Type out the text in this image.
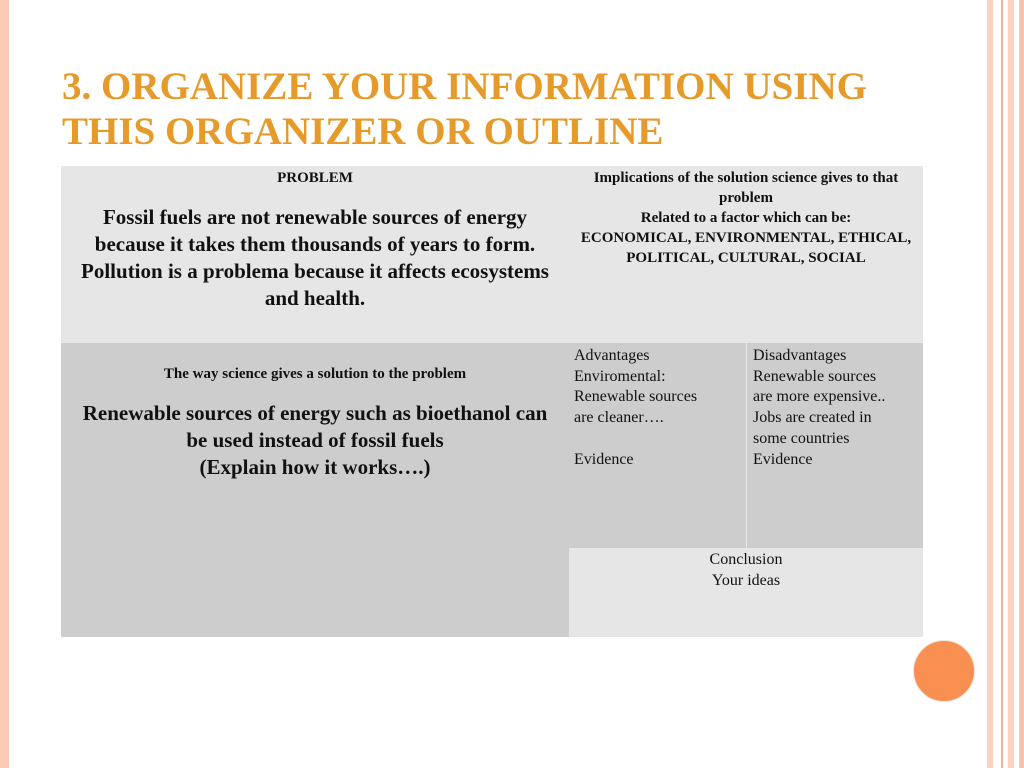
3. ORGANIZE YOUR INFORMATION USING THIS ORGANIZER OR OUTLINE

PROBLEM

Fossil fuels are not renewable sources of energy because it takes them thousands of years to form.

Pollution is a problema because it affects ecosystems and health.

Implications of the solution science gives to that problem

Related to a factor which can be:

ECONOMICAL, ENVIRONMENTAL, ETHICAL, POLITICAL, CULTURAL, SOCIAL

The way science gives a solution to the problem

Renewable sources of energy such as bioethanol can be used instead of fossil fuels

(Explain how it works….)

Advantages
Enviromental:
Renewable sources
are cleaner….
Evidence
Disadvantages
Renewable sources
are more expensive..
Jobs are created in
some countries
Evidence
Conclusion
Your ideas
